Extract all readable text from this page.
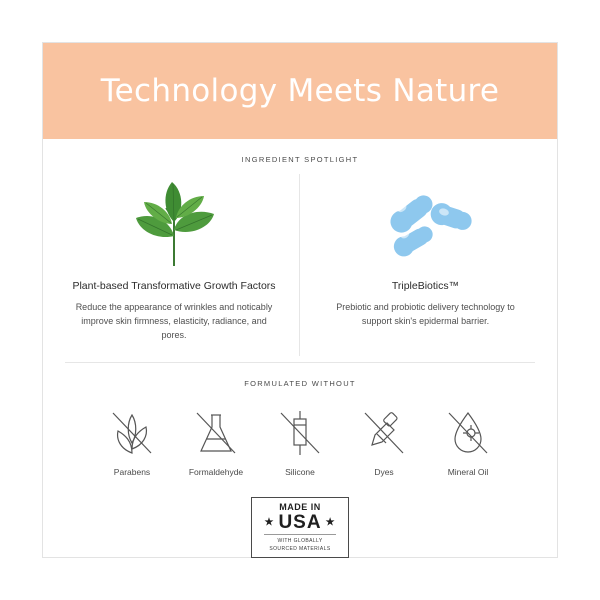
Technology Meets Nature
INGREDIENT SPOTLIGHT
Plant-based Transformative Growth Factors
Reduce the appearance of wrinkles and noticably improve skin firmness, elasticity, radiance, and pores.
TripleBiotics™
Prebiotic and probiotic delivery technology to support skin's epidermal barrier.
FORMULATED WITHOUT
Parabens	Formaldehyde	Silicone	Dyes	Mineral Oil
MADE IN
★ USA ★
WITH GLOBALLY
SOURCED MATERIALS
